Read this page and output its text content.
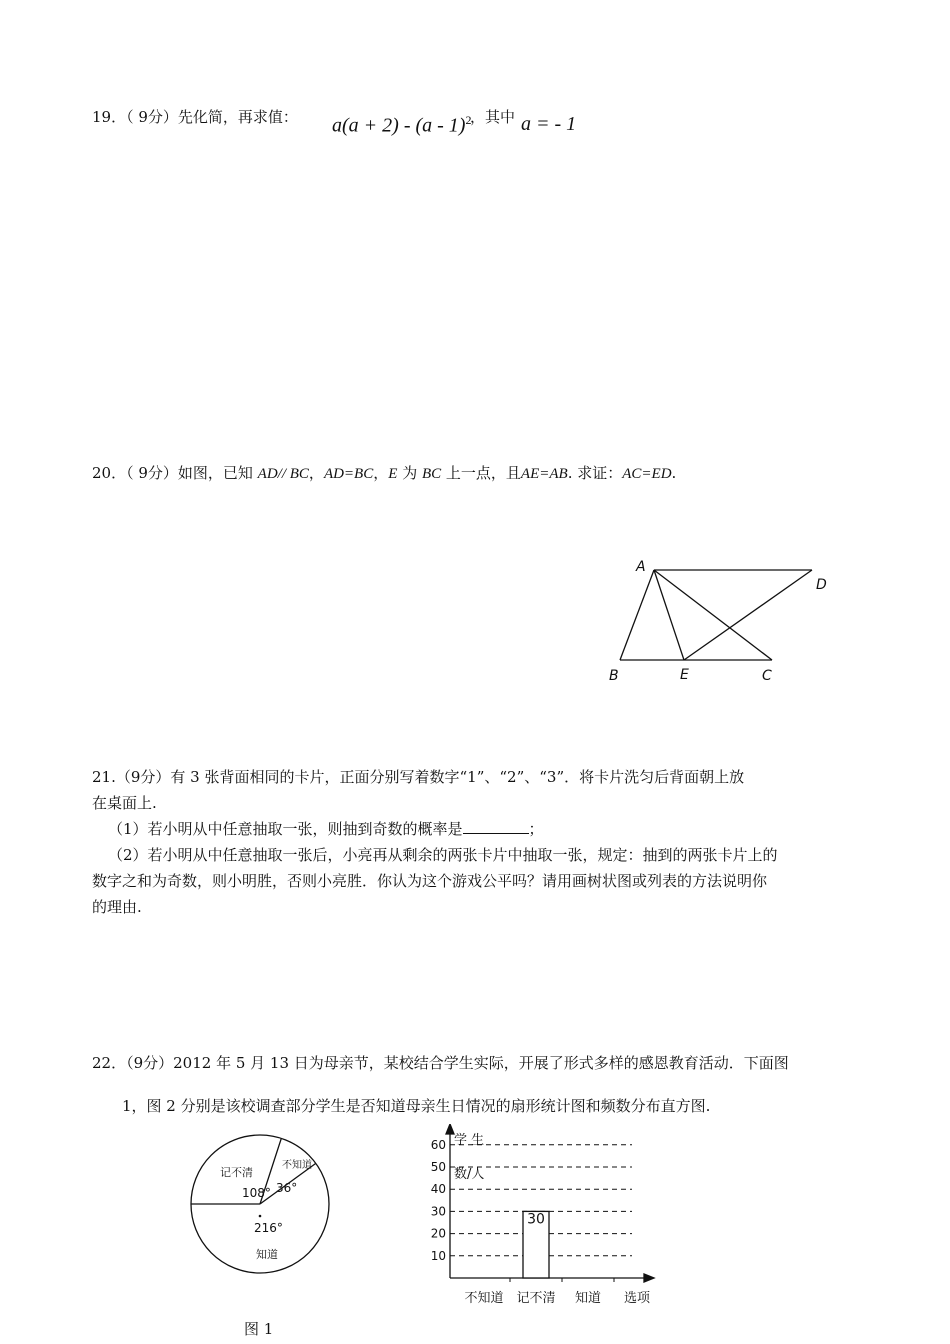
19．（ 9分）先化简，再求值： a(a + 2) - (a - 1)$^2$
，其中 a = - 1
20．（ 9分）如图，已知 AD// BC，AD=BC，E 为 BC 上一点，且AE=AB. 求证：AC=ED.
A
D
B	E	C
21.（9分）有 3 张背面相同的卡片，正面分别写着数字“1”、“2”、“3”．将卡片洗匀后背面朝上放
在桌面上.
（1）若小明从中任意抽取一张，则抽到奇数的概率是	；
（2）若小明从中任意抽取一张后，小亮再从剩余的两张卡片中抽取一张，规定：抽到的两张卡片上的
数字之和为奇数，则小明胜，否则小亮胜．你认为这个游戏公平吗？请用画树状图或列表的方法说明你
的理由.
22．（9分）2012 年 5 月 13 日为母亲节，某校结合学生实际，开展了形式多样的感恩教育活动．下面图
1，图 2 分别是该校调查部分学生是否知道母亲生日情况的扇形统计图和频数分布直方图.
记不清
不知道
知道
108° 36°
216°
图 1
10
20
30
40
50
60
30
不知道 记不清 知道
学 生
数/人
选项
